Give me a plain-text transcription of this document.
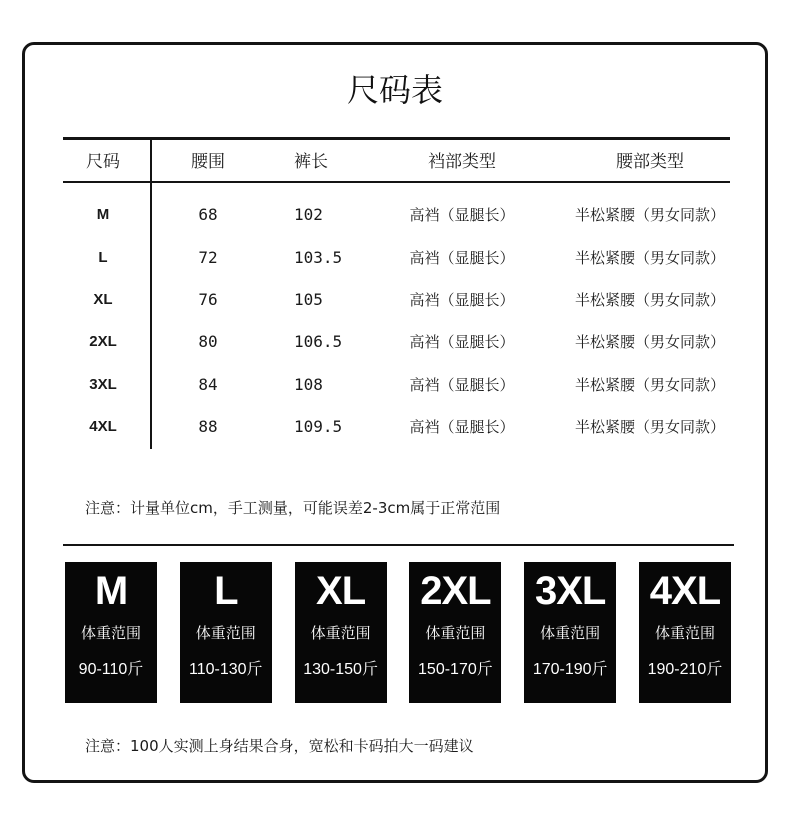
尺码表
尺码	腰围	裤长	裆部类型	腰部类型
M	68	102	高裆（显腿长）	半松紧腰（男女同款）
L	72	103.5	高裆（显腿长）	半松紧腰（男女同款）
XL	76	105	高裆（显腿长）	半松紧腰（男女同款）
2XL	80	106.5	高裆（显腿长）	半松紧腰（男女同款）
3XL	84	108	高裆（显腿长）	半松紧腰（男女同款）
4XL	88	109.5	高裆（显腿长）	半松紧腰（男女同款）
注意：计量单位cm，手工测量，可能误差2-3cm属于正常范围
M
体重范围
90-110斤
L
体重范围
110-130斤
XL
体重范围
130-150斤
2XL
体重范围
150-170斤
3XL
体重范围
170-190斤
4XL
体重范围
190-210斤
注意：100人实测上身结果合身，宽松和卡码拍大一码建议
